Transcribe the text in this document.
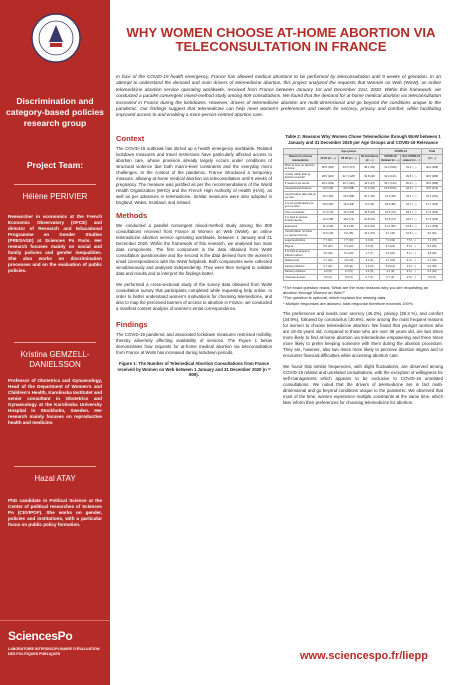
Discrimination and category-based policies research group
Project Team:
Hélène PERIVIER
Researcher in economics at the French Economic Observatory (OFCE) and director of Research and Educational Programme on Gender Studies (PRESAGE) at Sciences Po Paris. Her research focuses mainly on social and family policies and gender inequalities. She also works on discrimination processes and on the evaluation of public policies.
Kristina GEMZELL-DANIELSSON
Professor of Obstetrics and Gynaecology, Head of the Department of Women's and Children's Health, Karolinska Institutet and senior consultant in Obstetrics and Gynaecology at the Karolinska University Hospital in Stockholm, Sweden. Her research mainly focuses on reproductive health and medicine.
Hazal ATAY
PhD candidate in Political Science at the Center of political researches of Sciences Po (CEVIPOF). She works on gender, policies and institutions, with a particular focus on public policy formation.
SciencesPo
LABORATOIRE INTERDISCIPLINAIRE D'ÉVALUATION DES POLITIQUES PUBLIQUES
WHY WOMEN CHOOSE AT-HOME ABORTION VIA TELECONSULTATION IN FRANCE
In face of the COVID-19 health emergency, France has allowed medical abortions to be performed by teleconsultation until 9 weeks of gestation. In an attempt to understand the demand and main drivers of telemedicine abortion, this project analyzed the requests that Women on Web (WoW), an online telemedicine abortion service operating worldwide, received from France between January 1st and December 31st, 2020. Within this framework, we conducted a parallel convergent mixed-method study among 809 consultations. We found that the demand for at-home medical abortion via teleconsultation increased in France during the lockdowns. However, drivers of telemedicine abortion are multi-dimensional and go beyond the conditions unique to the pandemic. Our findings suggest that telemedicine can help meet women's preferences and needs for secrecy, privacy and comfort, while facilitating improved access to and enabling a more person-centred abortion care.
Context
The COVID-19 outbreak has stirred up a health emergency worldwide. Related lockdown measures and travel restrictions have particularly affected access to abortion care, whose provision already largely occurs under conditions of structural violence due both macro-level constraints and the everyday micro challenges. In the context of the pandemic, France introduced a temporary measure, allowing at-home medical abortion via teleconsultation until 9 weeks of pregnancy. The measure was justified as per the recommendations of the World Health Organization (WHO) and the French High Authority of Health (HAS), as well as per advances in telemedicine. Similar measures were also adopted in England, Wales, Scotland, and Ireland.
Methods
We conducted a parallel convergent mixed-method study among the 809 consultations received from France at Women on Web (WoW), an online telemedicine abortion service operating worldwide, between 1 January and 31 December 2020. Within the framework of this research, we analysed two main data components. The first component is the data obtained from WoW consultation questionnaire and the second is the data derived from the women's email correspondence with the WoW helpdesk. Both components were collected simultaneously and analysed independently. They were then merged to validate data and results and to interpret the findings better.
We performed a cross-sectional study of the survey data obtained from WoW consultation survey that participants completed while requesting help online. In order to better understand women's motivations for choosing telemedicine, and also to map the perceived barriers of access to abortion in France, we conducted a manifest content analysis of women's email correspondence.
Findings
The COVID-19 pandemic and associated lockdown measures restricted mobility, thereby adversely affecting availability of services. The Figure 1 below demonstrates how requests for at-home medical abortion via teleconsultation from France at WoW has increased during lockdown periods.
Figure 1: The Number of Telemedical Abortion Consultations from France received by Women on Web between 1 January and 31 December 2020 (n = 809).
Table 2: Reasons Why Women Chose Telemedicine through WoW between 1 January and 31 December 2020 per Age Groups and COVID-19 Relevance
	Age groups			COVID-19		Total
Reason to choose telemedicine	15-25 (n=…)	26-35 (n=…)	36 and above (n=…)	COVID-19 Related (n=…)	Not COVID-19 related (n=…)	(n=…)
Want to have an abortion at home	38.5 (155)	44.5 (174)	48.1 (69)	41.2 (180)	43.1 (…)	42.0 (398)
I prefer rather than by abortion provider	28.6 (115)	32.7 (128)	30.8 (46)	32.3 (141)	29.5 (…)	30.6 (289)
It needs to be secret	38.3 (153)	29.7 (116)	18.1 (27)	30.7 (134)	30.6 (…)	30.5 (288)
Geographical distance	24.6 (99)	22.6 (88)	21.4 (32)	22.9 (100)	22.2 (…)	22.5 (213)
I would rather take pills on my own	23.1 (93)	22.5 (88)	20.1 (30)	21.3 (93)	24.1 (…)	22.3 (211)
It is too embarrassing to go to a clinic	20.6 (83)	16.6 (65)	9.4 (14)	18.3 (80)	16.7 (…)	17.1 (162)
Time constraints	17.4 (70)	16.4 (64)	19.5 (29)	16.6 (72)	18.1 (…)	17.2 (163)
It is hard to access another doctor	14.4 (58)	18.2 (71)	22.8 (34)	16.9 (74)	18.0 (…)	17.2 (163)
Expensive	11.4 (46)	11.5 (45)	10.1 (15)	11.4 (50)	10.8 (…)	11.1 (105)
I would rather not have my partner find out	10.0 (40)	9.0 (35)	10.1 (15)	9.1 (40)	10.5 (…)	9.6 (91)
Legal restrictions	7.7 (31)	7.7 (30)	6.0 (9)	7.3 (32)	7.5 (…)	7.4 (70)
Stigma	5.5 (22)	6.1 (24)	3.4 (5)	5.3 (23)	5.5 (…)	5.3 (51)
It is hard to access a different doctor	4.5 (18)	5.1 (20)	4.7 (7)	4.6 (20)	5.1 (…)	4.8 (45)
Waiting lists	3.7 (15)	4.9 (19)	3.4 (5)	4.1 (18)	4.3 (…)	4.1 (39)
Family problems	2.7 (11)	2.8 (11)	2.0 (3)	2.8 (12)	2.6 (…)	2.6 (25)
Partner problems	2.0 (8)	2.3 (9)	3.4 (5)	2.1 (9)	2.5 (…)	2.3 (22)
Unknown answer	0.5 (2)	0.8 (3)	0.7 (1)	0.7 (3)	0.6 (…)	0.6 (6)
*The exact question reads "What are the main reasons why you are requesting an abortion through Women on Web?"
*The question is optional, which explains the missing data.
* Multiple responses are allowed, total response therefore exceeds 100%.
The preferences and needs over secrecy (46.2%), privacy (38.3 %), and comfort (34.9%), followed by coronavirus (30.6%), were among the most frequent reasons for women to choose telemedicine abortion. We found that younger women who are 18-25 years old, compared to those who are over 36 years old, are two times more likely to find at-home abortion via telemedicine empowering and three times more likely to prefer keeping someone with them during the abortion procedure. They are, however, also two times more likely to perceive abortion stigma and to encounter financial difficulties while accessing abortion care.
We found that similar frequencies, with slight fluctuations, are observed among COVID-19 related and unrelated consultations, with the exception of willingness for self-management which appears to be exclusive to COVID-19 unrelated consultations. We noted that the drivers of telemedicine are in fact multi-dimensional and go beyond conditions unique to the pandemic. We observed that most of the time, women experience multiple constraints at the same time, which later inform their preferences for choosing telemedicine for abortion.
www.sciencespo.fr/liepp
